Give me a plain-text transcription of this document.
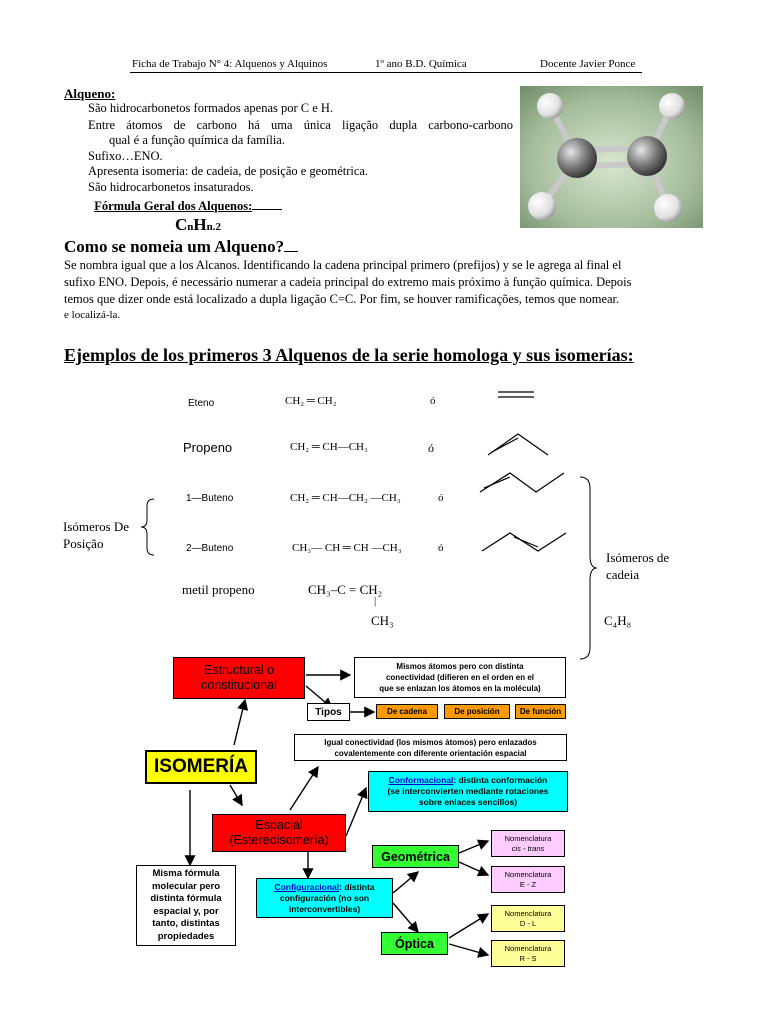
Ficha de Trabajo N° 4: Alquenos y Alquinos	1º ano B.D. Química	Docente Javier Ponce
Alqueno:
São hidrocarbonetos formados apenas por C e H.
Entre átomos de carbono há uma única ligação dupla carbono-carbono
qual é a função química da família.
Sufixo…ENO.
Apresenta isomeria: de cadeia, de posição e geométrica.
São hidrocarbonetos insaturados.
Fórmula Geral dos Alquenos:
CnHn.2
Como se nomeia um Alqueno?
Se nombra igual que a los Alcanos. Identificando la cadena principal primero (prefijos) y se le agrega al final el
sufixo ENO. Depois, é necessário numerar a cadeia principal do extremo mais próximo à função química. Depois
temos que dizer onde está localizado a dupla ligação C=C. Por fim, se houver ramificações, temos que nomear.
e localizá-la.
Ejemplos de los primeros 3 Alquenos de la serie homologa y sus isomerías:
Eteno	CH₂ ═ CH₂	ó
Propeno	CH₂ ═ CH—CH₃	ó
1—Buteno	CH₂ ═ CH—CH₂ —CH₃	ó
2—Buteno	CH₃— CH ═ CH —CH₃	ó
Isómeros De
Posição
Isómeros de
cadeia
metil propeno	CH₃–C = CH₂
|
CH₃	C₄H₈
Estructural o
constitucional
Mismos átomos pero con distinta
conectividad (difieren en el orden en el
que se enlazan los átomos en la molécula)
Tipos	De cadena	De posición	De función
ISOMERÍA
Igual conectividad (los mismos átomos) pero enlazados
covalentemente con diferente orientación espacial
Conformacional: distinta conformación
(se interconvierten mediante rotaciones
sobre enlaces sencillos)
Espacial
(Estereoisomería)
Geométrica
Configuracional: distinta
configuración (no son
interconvertibles)
Misma fórmula
molecular pero
distinta fórmula
espacial y, por
tanto, distintas
propiedades
Óptica
Nomenclatura
cis - trans
Nomenclatura
E - Z
Nomenclatura
D - L
Nomenclatura
R - S
